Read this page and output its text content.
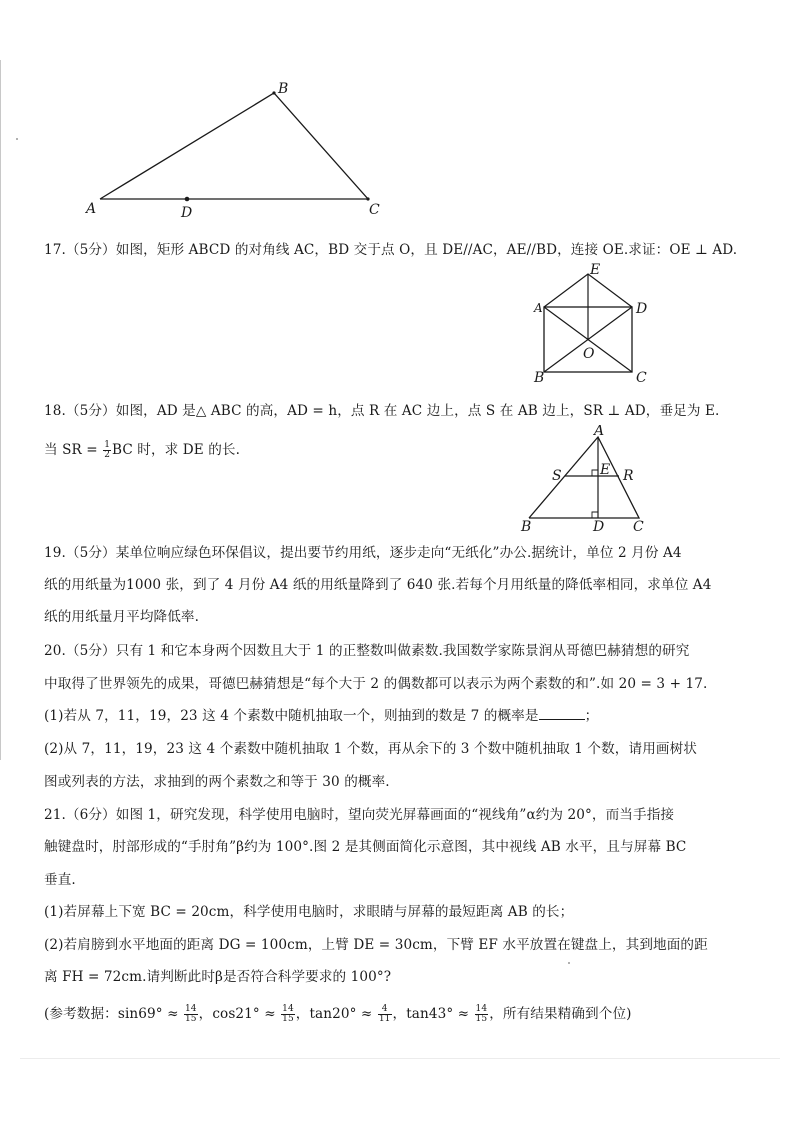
A
B
C
D
17.（5分）如图，矩形 ABCD 的对角线 AC，BD 交于点 O，且 DE//AC，AE//BD，连接 OE.求证：OE ⊥ AD.
E
A	D
O
B	C
18.（5分）如图，AD 是△ ABC 的高，AD = h，点 R 在 AC 边上，点 S 在 AB 边上，SR ⊥ AD，垂足为 E.
当 SR = $\frac{1}{2}$ BC 时，求 DE 的长.
A
S	E R
B	D C
19.（5分）某单位响应绿色环保倡议，提出要节约用纸，逐步走向“无纸化”办公.据统计，单位 2 月份 A4
纸的用纸量为1000 张，到了 4 月份 A4 纸的用纸量降到了 640 张.若每个月用纸量的降低率相同，求单位 A4
纸的用纸量月平均降低率.
20.（5分）只有 1 和它本身两个因数且大于 1 的正整数叫做素数.我国数学家陈景润从哥德巴赫猜想的研究
中取得了世界领先的成果，哥德巴赫猜想是“每个大于 2 的偶数都可以表示为两个素数的和”.如 20 = 3 + 17.
(1)若从 7，11，19，23 这 4 个素数中随机抽取一个，则抽到的数是 7 的概率是	；
(2)从 7，11，19，23 这 4 个素数中随机抽取 1 个数，再从余下的 3 个数中随机抽取 1 个数，请用画树状
图或列表的方法，求抽到的两个素数之和等于 30 的概率.
21.（6分）如图 1，研究发现，科学使用电脑时，望向荧光屏幕画面的“视线角”α约为 20°，而当手指接
触键盘时，肘部形成的“手肘角”β约为 100°.图 2 是其侧面简化示意图，其中视线 AB 水平，且与屏幕 BC
垂直.
(1)若屏幕上下宽 BC = 20cm，科学使用电脑时，求眼睛与屏幕的最短距离 AB 的长；
(2)若肩膀到水平地面的距离 DG = 100cm，上臂 DE = 30cm，下臂 EF 水平放置在键盘上，其到地面的距
离 FH = 72cm.请判断此时β是否符合科学要求的 100°?
(参考数据：$\sin 69^\circ \approx \frac{14}{15}$ ，$\cos 21^\circ \approx \frac{14}{15}$ ，$\tan 20^\circ \approx \frac{4}{11}$ ，$\tan 43^\circ \approx \frac{14}{15}$ ，所有结果精确到个位)
